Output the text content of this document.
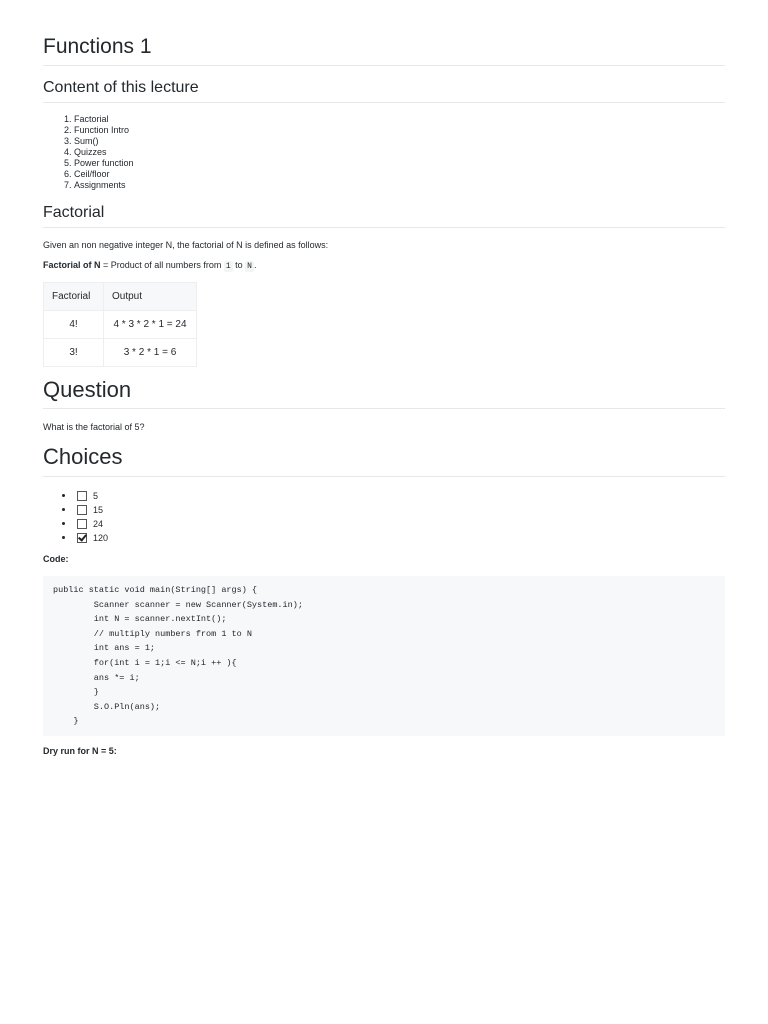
Functions 1
Content of this lecture
1. Factorial
2. Function Intro
3. Sum()
4. Quizzes
5. Power function
6. Ceil/floor
7. Assignments
Factorial
Given an non negative integer N, the factorial of N is defined as follows:
Factorial of N = Product of all numbers from 1 to N .
Factorial	Output
4!	4 * 3 * 2 * 1 = 24
3!	3 * 2 * 1 = 6
Question
What is the factorial of 5?
Choices
5
15
24
120
Code:
public static void main(String[] args) {
Scanner scanner = new Scanner(System.in);
int N = scanner.nextInt();
// multiply numbers from 1 to N
int ans = 1;
for(int i = 1;i <= N;i ++ ){
ans *= i;
}
S.O.Pln(ans);
}
Dry run for N = 5:
